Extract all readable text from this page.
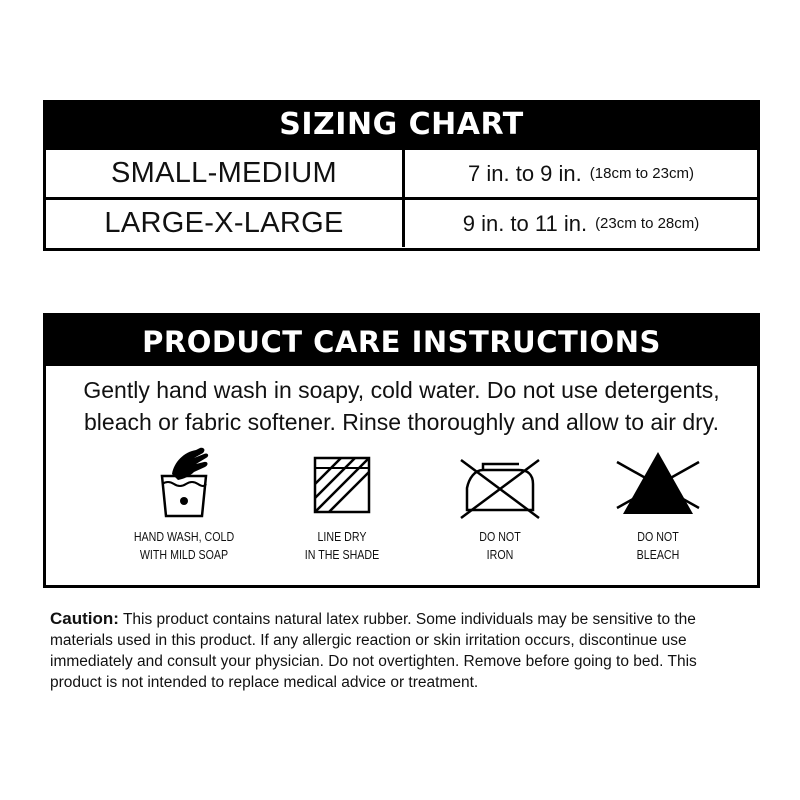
SIZING CHART
SMALL-MEDIUM	7 in. to 9 in. (18cm to 23cm)
LARGE-X-LARGE	9 in. to 11 in. (23cm to 28cm)
PRODUCT CARE INSTRUCTIONS
Gently hand wash in soapy, cold water. Do not use detergents,
bleach or fabric softener. Rinse thoroughly and allow to air dry.
HAND WASH, COLD
WITH MILD SOAP
LINE DRY
IN THE SHADE
DO NOT
IRON
DO NOT
BLEACH
Caution: This product contains natural latex rubber. Some individuals may be sensitive to the materials used in this product. If any allergic reaction or skin irritation occurs, discontinue use immediately and consult your physician. Do not overtighten. Remove before going to bed. This product is not intended to replace medical advice or treatment.
